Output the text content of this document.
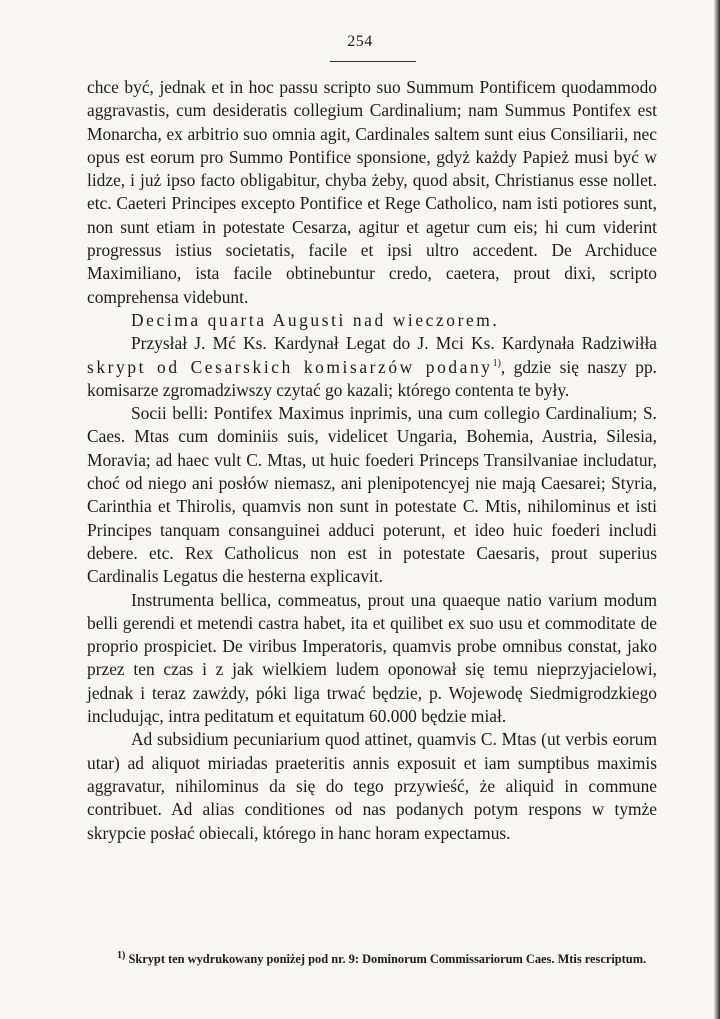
254

chce być, jednak et in hoc passu scripto suo Summum Pontificem quodammodo aggravastis, cum desideratis collegium Cardinalium; nam Summus Pontifex est Monarcha, ex arbitrio suo omnia agit, Cardinales saltem sunt eius Consiliarii, nec opus est eorum pro Summo Pontifice sponsione, gdyż każdy Papież musi być w lidze, i już ipso facto obligabitur, chyba żeby, quod absit, Christianus esse nollet. etc. Caeteri Principes excepto Pontifice et Rege Catholico, nam isti potiores sunt, non sunt etiam in potestate Cesarza, agitur et agetur cum eis; hi cum viderint progressus istius societatis, facile et ipsi ultro accedent. De Archiduce Maximiliano, ista facile obtinebuntur credo, caetera, prout dixi, scripto comprehensa videbunt.

Decima quarta Augusti nad wieczorem.

Przysłał J. Mć Ks. Kardynał Legat do J. Mci Ks. Kardynała Radziwiłła skrypt od Cesarskich komisarzów podany$^{1)}$, gdzie się naszy pp. komisarze zgromadziwszy czytać go kazali; którego contenta te były.

Socii belli: Pontifex Maximus inprimis, una cum collegio Cardinalium; S. Caes. Mtas cum dominiis suis, videlicet Ungaria, Bohemia, Austria, Silesia, Moravia; ad haec vult C. Mtas, ut huic foederi Princeps Transilvaniae includatur, choć od niego ani posłów niemasz, ani plenipotencyej nie mają Caesarei; Styria, Carinthia et Thirolis, quamvis non sunt in potestate C. Mtis, nihilominus et isti Principes tanquam consanguinei adduci poterunt, et ideo huic foederi includi debere. etc. Rex Catholicus non est in potestate Caesaris, prout superius Cardinalis Legatus die hesterna explicavit.

Instrumenta bellica, commeatus, prout una quaeque natio varium modum belli gerendi et metendi castra habet, ita et quilibet ex suo usu et commoditate de proprio prospiciet. De viribus Imperatoris, quamvis probe omnibus constat, jako przez ten czas i z jak wielkiem ludem oponował się temu nieprzyjacielowi, jednak i teraz zawżdy, póki liga trwać będzie, p. Wojewodę Siedmigrodzkiego includując, intra peditatum et equitatum 60.000 będzie miał.

Ad subsidium pecuniarium quod attinet, quamvis C. Mtas (ut verbis eorum utar) ad aliquot miriadas praeteritis annis exposuit et iam sumptibus maximis aggravatur, nihilominus da się do tego przywieść, że aliquid in commune contribuet. Ad alias conditiones od nas podanych potym respons w tymże skrypcie posłać obiecali, którego in hanc horam expectamus.

$^{1)}$ Skrypt ten wydrukowany poniżej pod nr. 9: Dominorum Commissariorum Caes. Mtis rescriptum.
